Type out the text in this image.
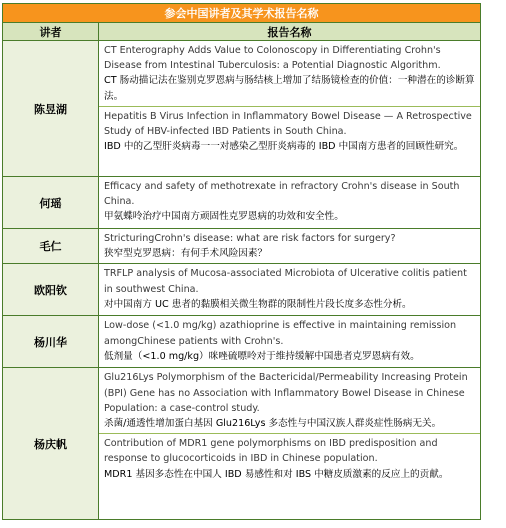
参会中国讲者及其学术报告名称	
讲者	报告名称
陈昱湖	CT Enterography Adds Value to Colonoscopy in Differentiating Crohn's Disease from Intestinal Tuberculosis: a Potential Diagnostic Algorithm.
CT 肠动描记法在鉴别克罗恩病与肠结核上增加了结肠镜检查的价值：一种潜在的诊断算法。
Hepatitis B Virus Infection in Inflammatory Bowel Disease — A Retrospective Study of HBV-infected IBD Patients in South China.
IBD 中的乙型肝炎病毒一一对感染乙型肝炎病毒的 IBD 中国南方患者的回顾性研究。

何瑶	Efficacy and safety of methotrexate in refractory Crohn's disease in South China.
甲氨蝶呤治疗中国南方顽固性克罗恩病的功效和安全性。

毛仁	StricturingCrohn's disease: what are risk factors for surgery?
狭窄型克罗恩病：有何手术风险因素？

欧阳钦	TRFLP analysis of Mucosa-associated Microbiota of Ulcerative colitis patient in southwest China.
对中国南方 UC 患者的黏膜相关微生物群的限制性片段长度多态性分析。

杨川华	Low-dose (<1.0 mg/kg) azathioprine is effective in maintaining remission amongChinese patients with Crohn's.
低剂量（<1.0 mg/kg）咪唑硫嘌呤对于维持缓解中国患者克罗恩病有效。

杨庆帆	Glu216Lys Polymorphism of the Bactericidal/Permeability Increasing Protein (BPI) Gene has no Association with Inflammatory Bowel Disease in Chinese Population: a case-control study.
杀菌/通透性增加蛋白基因 Glu216Lys 多态性与中国汉族人群炎症性肠病无关。
Contribution of MDR1 gene polymorphisms on IBD predisposition and response to glucocorticoids in IBD in Chinese population.
MDR1 基因多态性在中国人 IBD 易感性和对 IBS 中糖皮质激素的反应上的贡献。
